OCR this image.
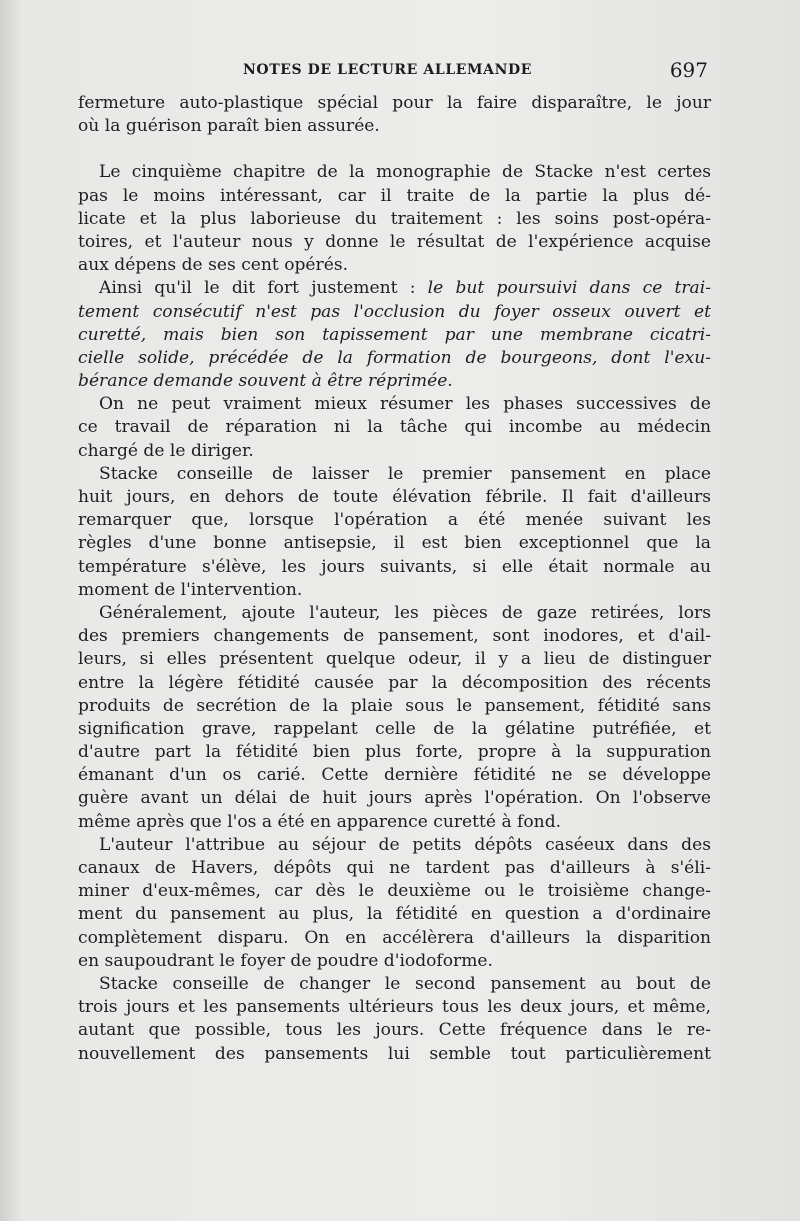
NOTES DE LECTURE ALLEMANDE	697
fermeture auto-plastique spécial pour la faire disparaître, le jour
où la guérison paraît bien assurée.
Le cinquième chapitre de la monographie de Stacke n'est certes
pas le moins intéressant, car il traite de la partie la plus dé-
licate et la plus laborieuse du traitement : les soins post-opéra-
toires, et l'auteur nous y donne le résultat de l'expérience acquise
aux dépens de ses cent opérés.
Ainsi qu'il le dit fort justement : le but poursuivi dans ce trai-
tement consécutif n'est pas l'occlusion du foyer osseux ouvert et
curetté, mais bien son tapissement par une membrane cicatri-
cielle solide, précédée de la formation de bourgeons, dont l'exu-
bérance demande souvent à être réprimée.
On ne peut vraiment mieux résumer les phases successives de
ce travail de réparation ni la tâche qui incombe au médecin
chargé de le diriger.
Stacke conseille de laisser le premier pansement en place
huit jours, en dehors de toute élévation fébrile. Il fait d'ailleurs
remarquer que, lorsque l'opération a été menée suivant les
règles d'une bonne antisepsie, il est bien exceptionnel que la
température s'élève, les jours suivants, si elle était normale au
moment de l'intervention.
Généralement, ajoute l'auteur, les pièces de gaze retirées, lors
des premiers changements de pansement, sont inodores, et d'ail-
leurs, si elles présentent quelque odeur, il y a lieu de distinguer
entre la légère fétidité causée par la décomposition des récents
produits de secrétion de la plaie sous le pansement, fétidité sans
signification grave, rappelant celle de la gélatine putréfiée, et
d'autre part la fétidité bien plus forte, propre à la suppuration
émanant d'un os carié. Cette dernière fétidité ne se développe
guère avant un délai de huit jours après l'opération. On l'observe
même après que l'os a été en apparence curetté à fond.
L'auteur l'attribue au séjour de petits dépôts caséeux dans des
canaux de Havers, dépôts qui ne tardent pas d'ailleurs à s'éli-
miner d'eux-mêmes, car dès le deuxième ou le troisième change-
ment du pansement au plus, la fétidité en question a d'ordinaire
complètement disparu. On en accélèrera d'ailleurs la disparition
en saupoudrant le foyer de poudre d'iodoforme.
Stacke conseille de changer le second pansement au bout de
trois jours et les pansements ultérieurs tous les deux jours, et même,
autant que possible, tous les jours. Cette fréquence dans le re-
nouvellement des pansements lui semble tout particulièrement
